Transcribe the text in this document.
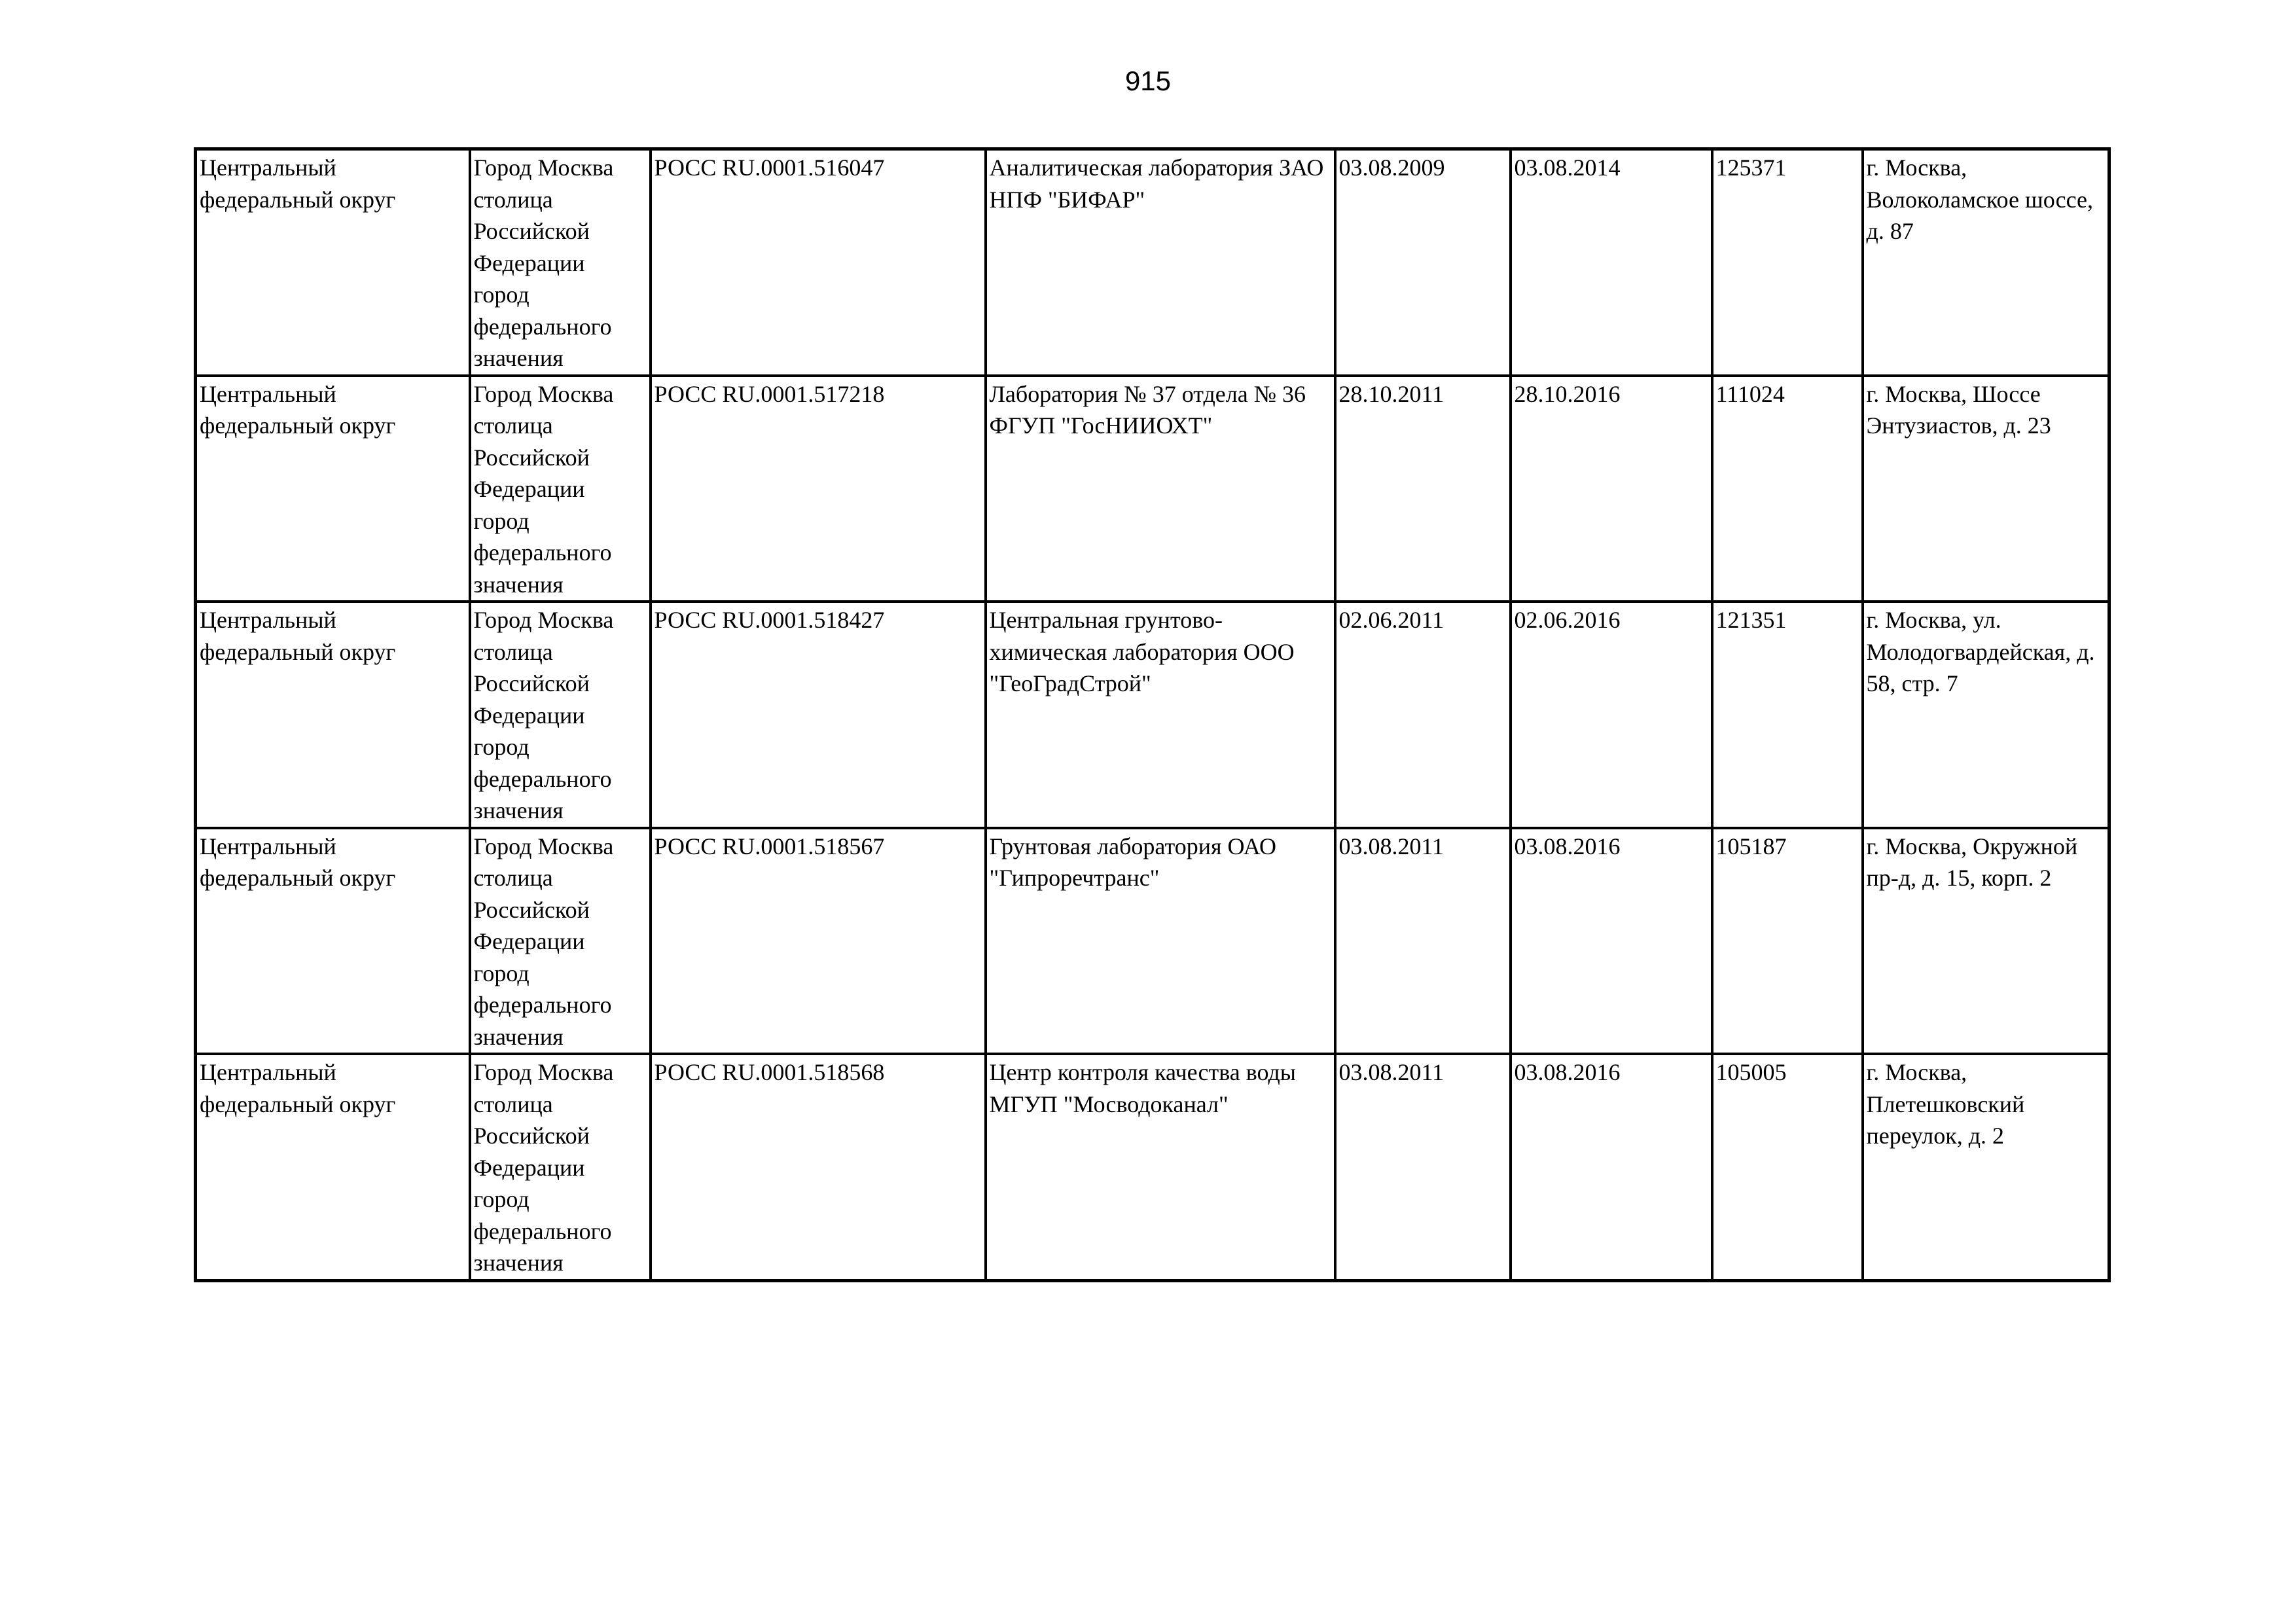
915
Центральный федеральный округ	Город Москва столица Российской Федерации город федерального значения	РОСС RU.0001.516047	Аналитическая лаборатория ЗАО НПФ "БИФАР"	03.08.2009	03.08.2014	125371	г. Москва, Волоколамское шоссе, д. 87
Центральный федеральный округ	Город Москва столица Российской Федерации город федерального значения	РОСС RU.0001.517218	Лаборатория № 37 отдела № 36 ФГУП "ГосНИИОХТ"	28.10.2011	28.10.2016	111024	г. Москва, Шоссе Энтузиастов, д. 23
Центральный федеральный округ	Город Москва столица Российской Федерации город федерального значения	РОСС RU.0001.518427	Центральная грунтово-химическая лаборатория ООО "ГеоГрадСтрой"	02.06.2011	02.06.2016	121351	г. Москва, ул. Молодогвардейская, д. 58, стр. 7
Центральный федеральный округ	Город Москва столица Российской Федерации город федерального значения	РОСС RU.0001.518567	Грунтовая лаборатория ОАО "Гипроречтранс"	03.08.2011	03.08.2016	105187	г. Москва, Окружной пр-д, д. 15, корп. 2
Центральный федеральный округ	Город Москва столица Российской Федерации город федерального значения	РОСС RU.0001.518568	Центр контроля качества воды МГУП "Мосводоканал"	03.08.2011	03.08.2016	105005	г. Москва, Плетешковский переулок, д. 2
